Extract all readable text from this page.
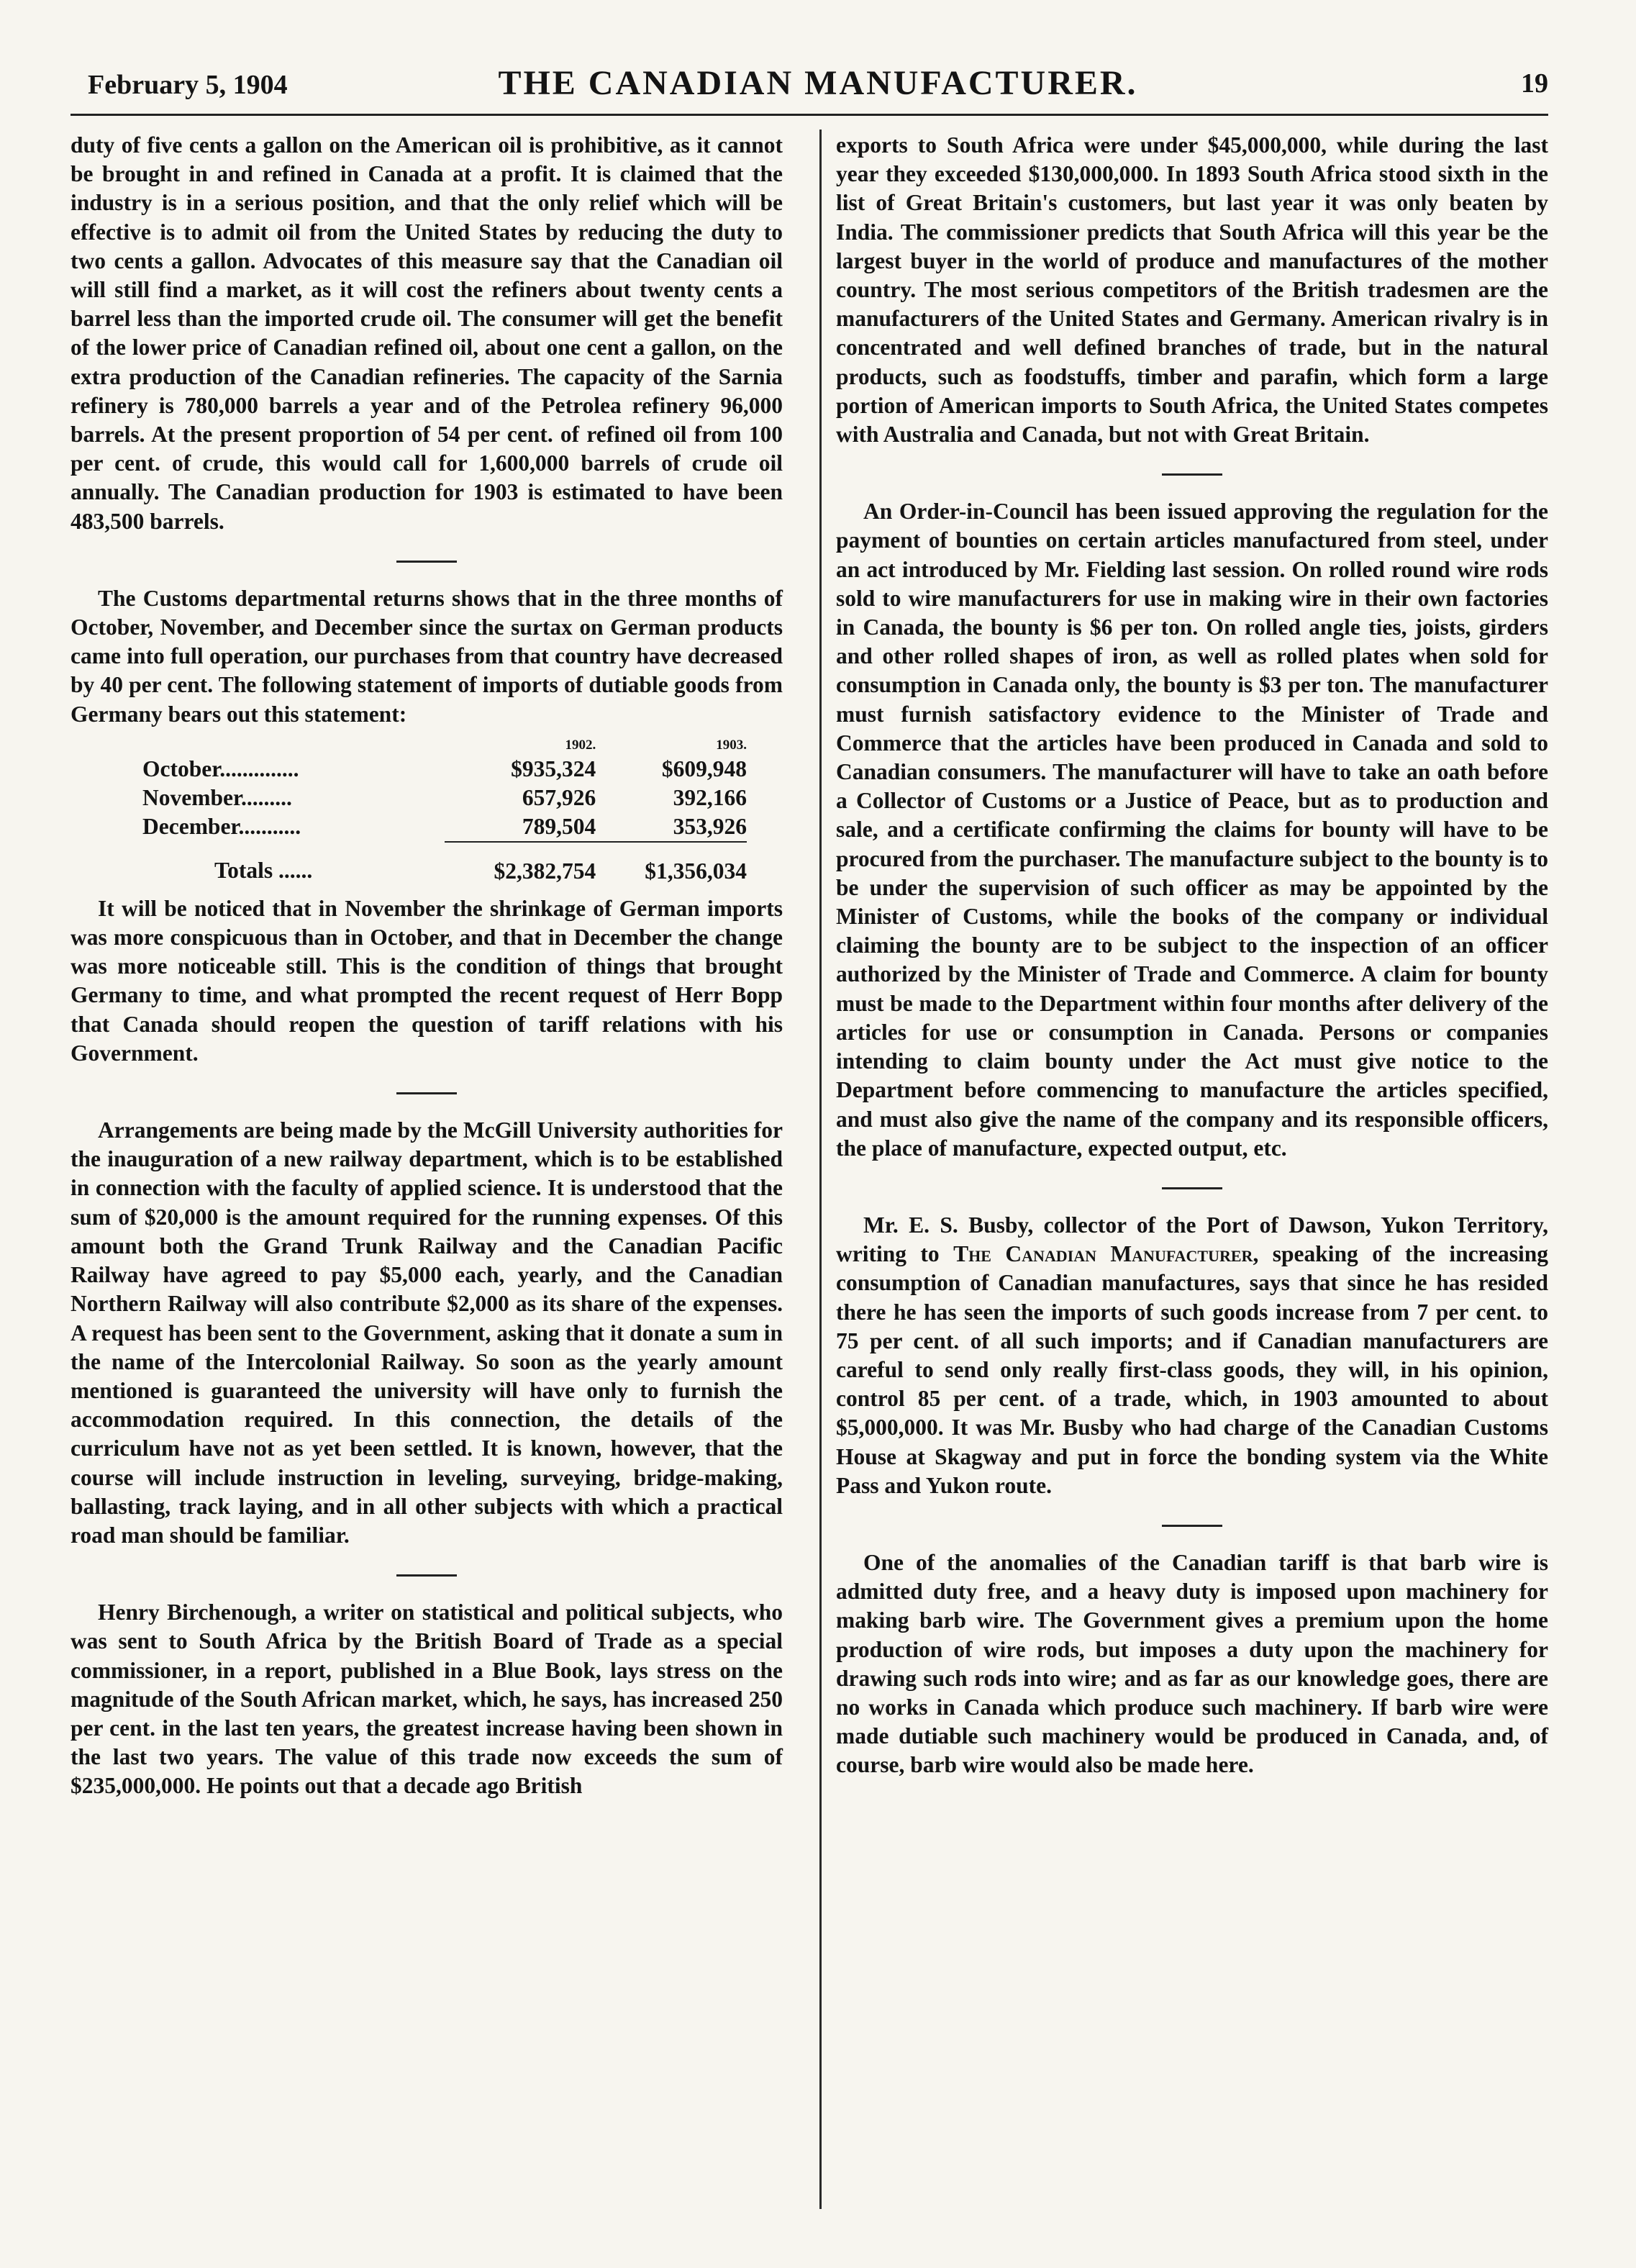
February 5, 1904	THE CANADIAN MANUFACTURER.	19

duty of five cents a gallon on the American oil is prohibitive, as it cannot be brought in and refined in Canada at a profit. It is claimed that the industry is in a serious position, and that the only relief which will be effective is to admit oil from the United States by reducing the duty to two cents a gallon. Advocates of this measure say that the Canadian oil will still find a market, as it will cost the refiners about twenty cents a barrel less than the imported crude oil. The consumer will get the benefit of the lower price of Canadian refined oil, about one cent a gallon, on the extra production of the Canadian refineries. The capacity of the Sarnia refinery is 780,000 barrels a year and of the Petrolea refinery 96,000 barrels. At the present proportion of 54 per cent. of refined oil from 100 per cent. of crude, this would call for 1,600,000 barrels of crude oil annually. The Canadian production for 1903 is estimated to have been 483,500 barrels.

The Customs departmental returns shows that in the three months of October, November, and December since the surtax on German products came into full operation, our purchases from that country have decreased by 40 per cent. The following statement of imports of dutiable goods from Germany bears out this statement:

	1902.	1903.
October..............	$935,324	$609,948
November.........	657,926	392,166
December...........	789,504	353,926
Totals ......	$2,382,754	$1,356,034

It will be noticed that in November the shrinkage of German imports was more conspicuous than in October, and that in December the change was more noticeable still. This is the condition of things that brought Germany to time, and what prompted the recent request of Herr Bopp that Canada should reopen the question of tariff relations with his Government.

Arrangements are being made by the McGill University authorities for the inauguration of a new railway department, which is to be established in connection with the faculty of applied science. It is understood that the sum of $20,000 is the amount required for the running expenses. Of this amount both the Grand Trunk Railway and the Canadian Pacific Railway have agreed to pay $5,000 each, yearly, and the Canadian Northern Railway will also contribute $2,000 as its share of the expenses. A request has been sent to the Government, asking that it donate a sum in the name of the Intercolonial Railway. So soon as the yearly amount mentioned is guaranteed the university will have only to furnish the accommodation required. In this connection, the details of the curriculum have not as yet been settled. It is known, however, that the course will include instruction in leveling, surveying, bridge-making, ballasting, track laying, and in all other subjects with which a practical road man should be familiar.

Henry Birchenough, a writer on statistical and political subjects, who was sent to South Africa by the British Board of Trade as a special commissioner, in a report, published in a Blue Book, lays stress on the magnitude of the South African market, which, he says, has increased 250 per cent. in the last ten years, the greatest increase having been shown in the last two years. The value of this trade now exceeds the sum of $235,000,000. He points out that a decade ago British

exports to South Africa were under $45,000,000, while during the last year they exceeded $130,000,000. In 1893 South Africa stood sixth in the list of Great Britain's customers, but last year it was only beaten by India. The commissioner predicts that South Africa will this year be the largest buyer in the world of produce and manufactures of the mother country. The most serious competitors of the British tradesmen are the manufacturers of the United States and Germany. American rivalry is in concentrated and well defined branches of trade, but in the natural products, such as foodstuffs, timber and parafin, which form a large portion of American imports to South Africa, the United States competes with Australia and Canada, but not with Great Britain.

An Order-in-Council has been issued approving the regulation for the payment of bounties on certain articles manufactured from steel, under an act introduced by Mr. Fielding last session. On rolled round wire rods sold to wire manufacturers for use in making wire in their own factories in Canada, the bounty is $6 per ton. On rolled angle ties, joists, girders and other rolled shapes of iron, as well as rolled plates when sold for consumption in Canada only, the bounty is $3 per ton. The manufacturer must furnish satisfactory evidence to the Minister of Trade and Commerce that the articles have been produced in Canada and sold to Canadian consumers. The manufacturer will have to take an oath before a Collector of Customs or a Justice of Peace, but as to production and sale, and a certificate confirming the claims for bounty will have to be procured from the purchaser. The manufacture subject to the bounty is to be under the supervision of such officer as may be appointed by the Minister of Customs, while the books of the company or individual claiming the bounty are to be subject to the inspection of an officer authorized by the Minister of Trade and Commerce. A claim for bounty must be made to the Department within four months after delivery of the articles for use or consumption in Canada. Persons or companies intending to claim bounty under the Act must give notice to the Department before commencing to manufacture the articles specified, and must also give the name of the company and its responsible officers, the place of manufacture, expected output, etc.

Mr. E. S. Busby, collector of the Port of Dawson, Yukon Territory, writing to The Canadian Manufacturer, speaking of the increasing consumption of Canadian manufactures, says that since he has resided there he has seen the imports of such goods increase from 7 per cent. to 75 per cent. of all such imports; and if Canadian manufacturers are careful to send only really first-class goods, they will, in his opinion, control 85 per cent. of a trade, which, in 1903 amounted to about $5,000,000. It was Mr. Busby who had charge of the Canadian Customs House at Skagway and put in force the bonding system via the White Pass and Yukon route.

One of the anomalies of the Canadian tariff is that barb wire is admitted duty free, and a heavy duty is imposed upon machinery for making barb wire. The Government gives a premium upon the home production of wire rods, but imposes a duty upon the machinery for drawing such rods into wire; and as far as our knowledge goes, there are no works in Canada which produce such machinery. If barb wire were made dutiable such machinery would be produced in Canada, and, of course, barb wire would also be made here.
